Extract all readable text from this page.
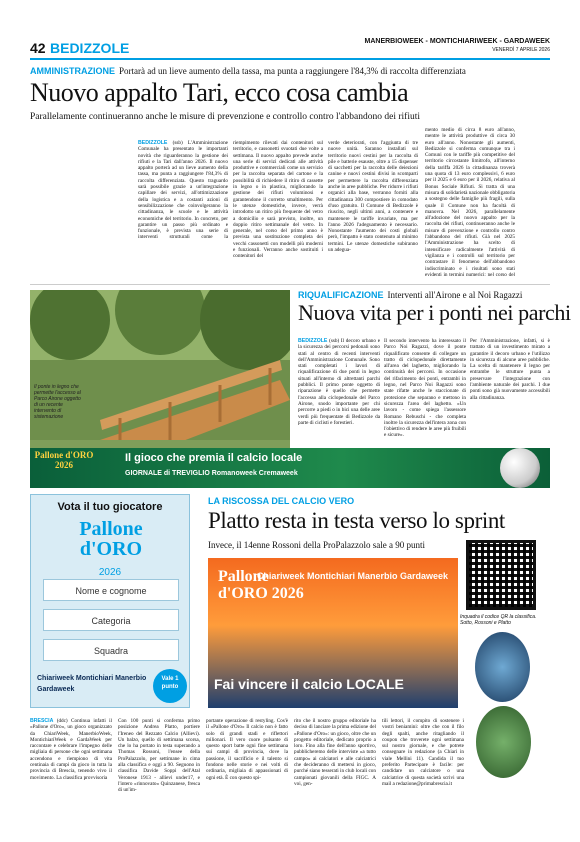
42 BEDIZZOLE	MANERBIOWEEK - MONTICHIARIWEEK - GARDAWEEK
VENERDÌ 7 APRILE 2026
AMMINISTRAZIONE Portarà ad un lieve aumento della tassa, ma punta a raggiungere l'84,3% di raccolta differenziata
Nuovo appalto Tari, ecco cosa cambia
Parallelamente continueranno anche le misure di prevenzione e controllo contro l'abbandono dei rifiuti
BEDIZZOLE (ssb) L'Amministrazione Comunale ha presentato le importanti novità che riguarderanno la gestione dei rifiuti e la Tari dall'anno 2026. Il nuovo appalto porterà ad un lieve aumento della tassa, ma punta a raggiungere l'84,3% di raccolta differenziata. Questo traguardo sarà possibile grazie a un'integrazione capillare dei servizi, all'ottimizzazione della logistica e a costanti azioni di sensibilizzazione che coinvolgeranno la cittadinanza, le scuole e le attività economiche del territorio. In concreto, per garantire un passo più ordinato e funzionale, è prevista una serie di interventi strutturali come la
riempimento rilevati dai contenitori sul territorio, e cassonetti svuotati due volte a settimana. Il nuovo appalto prevede anche una serie di servizi dedicati alle attività produttive e commerciali come un servizio per la raccolta separata del cartone e la possibilità di richiedere il ritiro di cassette in legno o in plastica, migliorando la gestione dei rifiuti voluminosi e garantendone il corretto smaltimento. Per le utenze domestiche, invece, verrà introdotto un ritiro più frequente del vetro a domicilio e sarà previsto, inoltre, un doppio ritiro settimanale del vetro. In generale, nel corso del primo anno è prevista una sostituzione completa dei vecchi cassonetti con modelli più moderni e funzionali. Verranno anche sostituiti i contenitori del
verde deteriorati, con l'aggiunta di tre nuove unità. Saranno installati sul territorio nuovi cestini per la raccolta di pile e batterie esauste, oltre a 15 dispenser di sacchetti per la raccolta delle deiezioni canine e nuovi cestini divisi in scomparti per permettere la raccolta differenziata anche in aree pubbliche. Per ridurre i rifiuti organici alla base, verranno forniti alla cittadinanza 300 compostiere in comodato d'uso gratuito. Il Comune di Bedizzole è riuscito, negli ultimi anni, a contenere e mantenere le tariffe invariate, ma per l'anno 2026 l'adeguamento è necessario. Nonostante l'aumento dei costi globali però, l'impatto è stato contenuto al minimo termini. Le utenze domestiche subiranno un adegua-
mento medio di circa 8 euro all'anno, mentre le attività produttive di circa 30 euro all'anno. Nonostante gli aumenti, Bedizzole si conferma comunque tra i Comuni con le tariffe più competitive del territorio circostante limitrofo, all'interno della tariffa 2026 la cittadinanza troverà una quota di 13 euro complessivi, 6 euro per il 2025 e 6 euro per il 2026, relativa al Bonus Sociale Rifiuti. Si tratta di una misura di solidarietà nazionale obbligatoria a sostegno delle famiglie più fragili, sulla quale il Comune non ha facoltà di manovra. Nel 2026, parallelamente all'adozione del nuovo appalto per la raccolta dei rifiuti, continueranno anche le misure di prevenzione e controllo contro l'abbandono del rifiuti. Già nel 2025 l'Amministrazione ha scelto di intensificare radicalmente l'attività di vigilanza e i controlli sul territorio per contrastare il fenomeno dell'abbandono indiscriminato e i risultati sono stati evidenti in termini numerici: nel corso del
Il ponte in legno che permette l'accesso al Parco Airone oggetto di un recente intervento di sistemazione
RIQUALIFICAZIONE Interventi all'Airone e al Noi Ragazzi
Nuova vita per i ponti nei parchi
BEDIZZOLE (ssb) Il decoro urbano e la sicurezza dei percorsi pedonali sono stati al centro di recenti interventi dell'Amministrazione Comunale. Sono stati completati i lavori di riqualificazione di due ponti in legno situati all'interno di altrettanti parchi pubblici. Il primo ponte oggetto di riparazione è quello che permette l'accesso alla ciclopedonale del Parco Airone, snodo importante per chi percorre a piedi o in bici una delle aree verdi più frequentate di Bedizzole da parte di ciclisti e forestieri.
Il secondo intervento ha interessato il Parco Noi Ragazzi, dove il ponte riqualificato consente di collegare un tratto di ciclopedonale direttamente all'area del laghetto, migliorando la continuità dei percorsi. In occasione del rifacimento dei ponti, entrambi in legno, nel Parco Noi Ragazzi sono state rifatte anche le staccionate di protezione che separano e mettono in sicurezza l'area del laghetto. «Un lavoro - come spiega l'assessore Romano Rebuschi - che completa inoltre la sicurezza dell'intera zona con l'obiettivo di rendere le aree più fruibili e sicure».
Per l'Amministrazione, infatti, si è trattato di un investimento mirato a garantire il decoro urbano e l'utilizzo in sicurezza di alcune aree pubbliche. La scelta di mantenere il legno per entrambe le strutture punta a preservare l'integrazione con l'ambiente naturale dei parchi. I due ponti sono già nuovamente accessibili alla cittadinanza.
Pallone d'ORO 2026
Il gioco che premia il calcio locale
GIORNALE di TREVIGLIO Romanoweek Cremaweek
Vota il tuo giocatore
Pallone d'ORO
2026
Nome e cognome
Categoria
Squadra
Chiariweek Montichiari Manerbio Gardaweek
Vale 1 punto
LA RISCOSSA DEL CALCIO VERO
Platto resta in testa verso lo sprint
Invece, il 14enne Rossoni della ProPalazzolo sale a 90 punti
Pallone d'ORO 2026
Chiariweek Montichiari Manerbio Gardaweek
Fai vincere il calcio LOCALE
Inquadra il codice QR la classifica. Sotto, Rossoni e Platto
BRESCIA (ddc) Continua infatti il «Pallone d'Oro», un gioco organizzato da ChiariWeek, ManerbioWeek, MontichiariWeek e GardaWeek per raccontare e celebrare l'impegno delle migliaia di persone che ogni settimana accendono e riempiono di vita centinaia di campi da gioco in tutta la provincia di Brescia, tenendo vivo il movimento. La classifica provvisoria
Con 100 punti si conferma primo posizione Andrea Platto, portiere l'Ireneo del Rezzato Calcio (Allievi). Un balzo, quello di settimana scorsa, che lo ha portato in testa superando a Thomas Rossoni, l'ensee della ProPalazzolo, per settimane in cima alla classifica e oggi a 90. Seguono in classifica Davide Soppi dell'Atal Veronese 1913 - allievi under17, e l'intero «rinnovato» Quinzanese, fresca di un'im-
portante operazione di restyling. Cos'è il «Pallone d'Oro» Il calcio non è fatto solo di grandi stadi e riflettori milionari. Il vero cuore pulsante di questo sport batte ogni fine settimana sui campi di provincia, dove la passione, il sacrificio e il talento si fondono nelle storie e nei volti di ordinaria, migliaia di appassionati di ogni età. È con questo spi-
rito che il nostro gruppo editoriale ha deciso di lanciare la prima edizione del «Pallone d'Oro»: un gioco, oltre che un progetto editoriale, dedicato proprio a loro. Fino alla fine dell'anno sportivo, pubblicheremo delle interviste «a tutto campo» ai calciatori e alle calciatrici che decideranno di mettersi in gioco, purché siano tesserati in club locali con campionati giovanili della FIGC. A voi, gen-
tili lettori, il compito di sostenere i vostri beniamini: oltre che con il filo degli spalti, anche ritagliando il coupon che troverete ogni settimana sul nostro giornale, e che potrete consegnare in redazione (a Chiari in viale Mellini 11). Candida il tuo preferito Partecipare è facile: per candidare un calciatore o una calciatrice di questa società scrivi una mail a redazione@primabrescia.it
